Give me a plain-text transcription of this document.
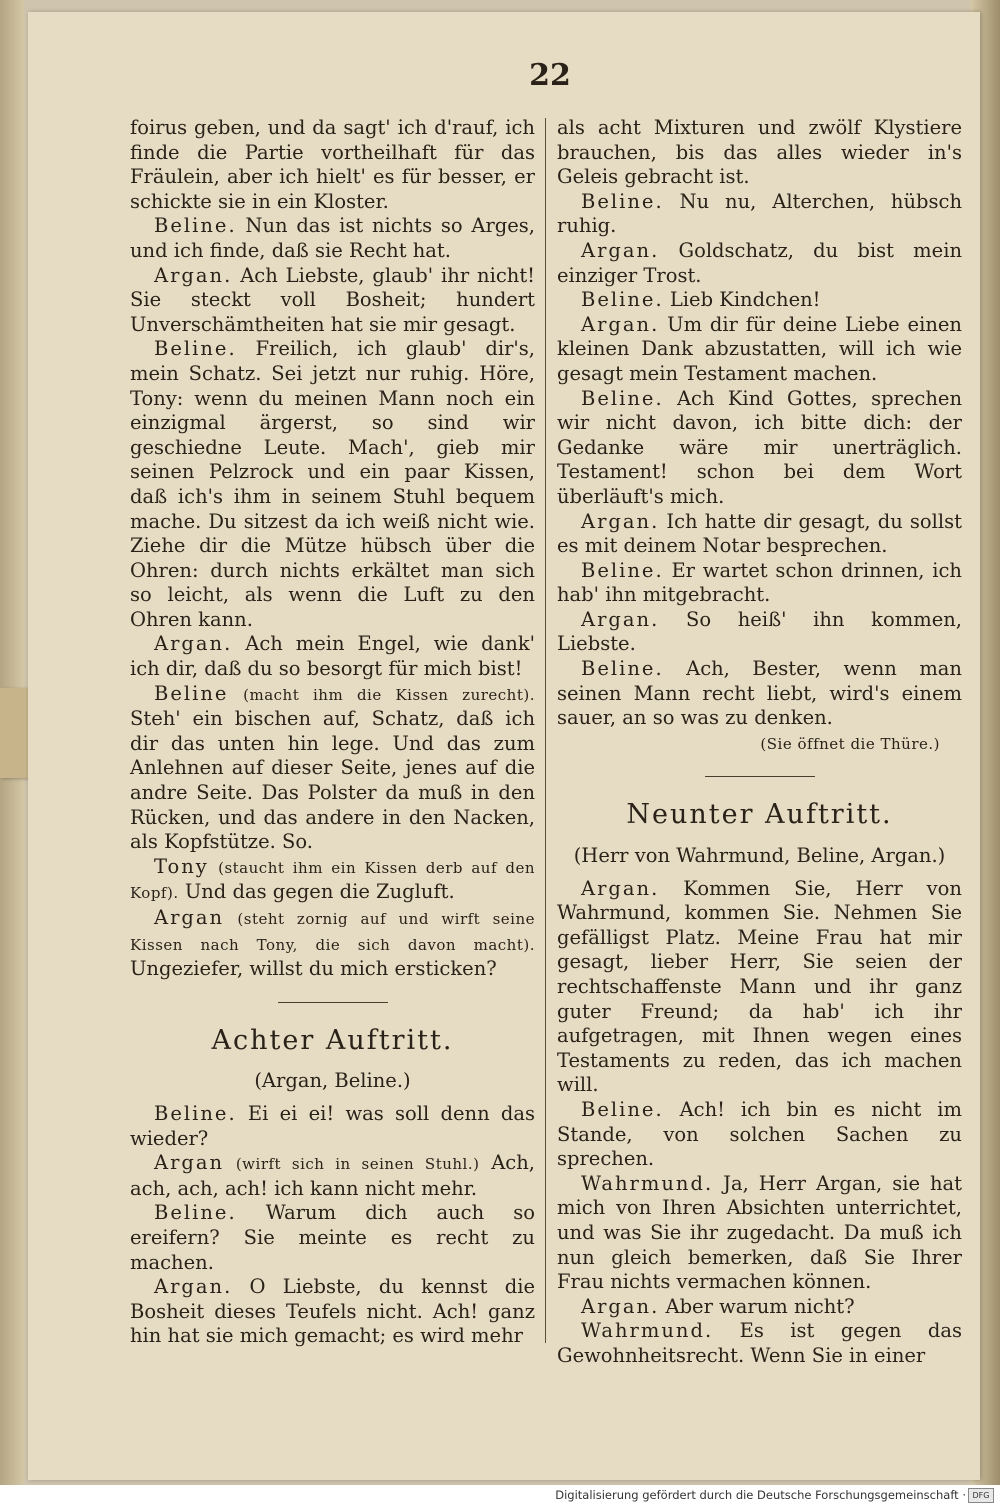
22

foirus geben, und da sagt' ich d'rauf, ich finde die Partie vortheilhaft für das Fräulein, aber ich hielt' es für besser, er schickte sie in ein Kloster.

Beline. Nun das ist nichts so Arges, und ich finde, daß sie Recht hat.

Argan. Ach Liebste, glaub' ihr nicht! Sie steckt voll Bosheit; hundert Unverschämtheiten hat sie mir gesagt.

Beline. Freilich, ich glaub' dir's, mein Schatz. Sei jetzt nur ruhig. Höre, Tony: wenn du meinen Mann noch ein einzigmal ärgerst, so sind wir geschiedne Leute. Mach', gieb mir seinen Pelzrock und ein paar Kissen, daß ich's ihm in seinem Stuhl bequem mache. Du sitzest da ich weiß nicht wie. Ziehe dir die Mütze hübsch über die Ohren: durch nichts erkältet man sich so leicht, als wenn die Luft zu den Ohren kann.

Argan. Ach mein Engel, wie dank' ich dir, daß du so besorgt für mich bist!

Beline (macht ihm die Kissen zurecht). Steh' ein bischen auf, Schatz, daß ich dir das unten hin lege. Und das zum Anlehnen auf dieser Seite, jenes auf die andre Seite. Das Polster da muß in den Rücken, und das andere in den Nacken, als Kopfstütze. So.

Tony (staucht ihm ein Kissen derb auf den Kopf). Und das gegen die Zugluft.

Argan (steht zornig auf und wirft seine Kissen nach Tony, die sich davon macht). Ungeziefer, willst du mich ersticken?

Achter Auftritt.
(Argan, Beline.)

Beline. Ei ei ei! was soll denn das wieder?

Argan (wirft sich in seinen Stuhl.) Ach, ach, ach, ach! ich kann nicht mehr.

Beline. Warum dich auch so ereifern? Sie meinte es recht zu machen.

Argan. O Liebste, du kennst die Bosheit dieses Teufels nicht. Ach! ganz hin hat sie mich gemacht; es wird mehr

als acht Mixturen und zwölf Klystiere brauchen, bis das alles wieder in's Geleis gebracht ist.

Beline. Nu nu, Alterchen, hübsch ruhig.

Argan. Goldschatz, du bist mein einziger Trost.

Beline. Lieb Kindchen!

Argan. Um dir für deine Liebe einen kleinen Dank abzustatten, will ich wie gesagt mein Testament machen.

Beline. Ach Kind Gottes, sprechen wir nicht davon, ich bitte dich: der Gedanke wäre mir unerträglich. Testament! schon bei dem Wort überläuft's mich.

Argan. Ich hatte dir gesagt, du sollst es mit deinem Notar besprechen.

Beline. Er wartet schon drinnen, ich hab' ihn mitgebracht.

Argan. So heiß' ihn kommen, Liebste.

Beline. Ach, Bester, wenn man seinen Mann recht liebt, wird's einem sauer, an so was zu denken.

(Sie öffnet die Thüre.)

Neunter Auftritt.
(Herr von Wahrmund, Beline, Argan.)

Argan. Kommen Sie, Herr von Wahrmund, kommen Sie. Nehmen Sie gefälligst Platz. Meine Frau hat mir gesagt, lieber Herr, Sie seien der rechtschaffenste Mann und ihr ganz guter Freund; da hab' ich ihr aufgetragen, mit Ihnen wegen eines Testaments zu reden, das ich machen will.

Beline. Ach! ich bin es nicht im Stande, von solchen Sachen zu sprechen.

Wahrmund. Ja, Herr Argan, sie hat mich von Ihren Absichten unterrichtet, und was Sie ihr zugedacht. Da muß ich nun gleich bemerken, daß Sie Ihrer Frau nichts vermachen können.

Argan. Aber warum nicht?

Wahrmund. Es ist gegen das Gewohnheitsrecht. Wenn Sie in einer

Digitalisierung gefördert durch die Deutsche Forschungsgemeinschaft · DFG
